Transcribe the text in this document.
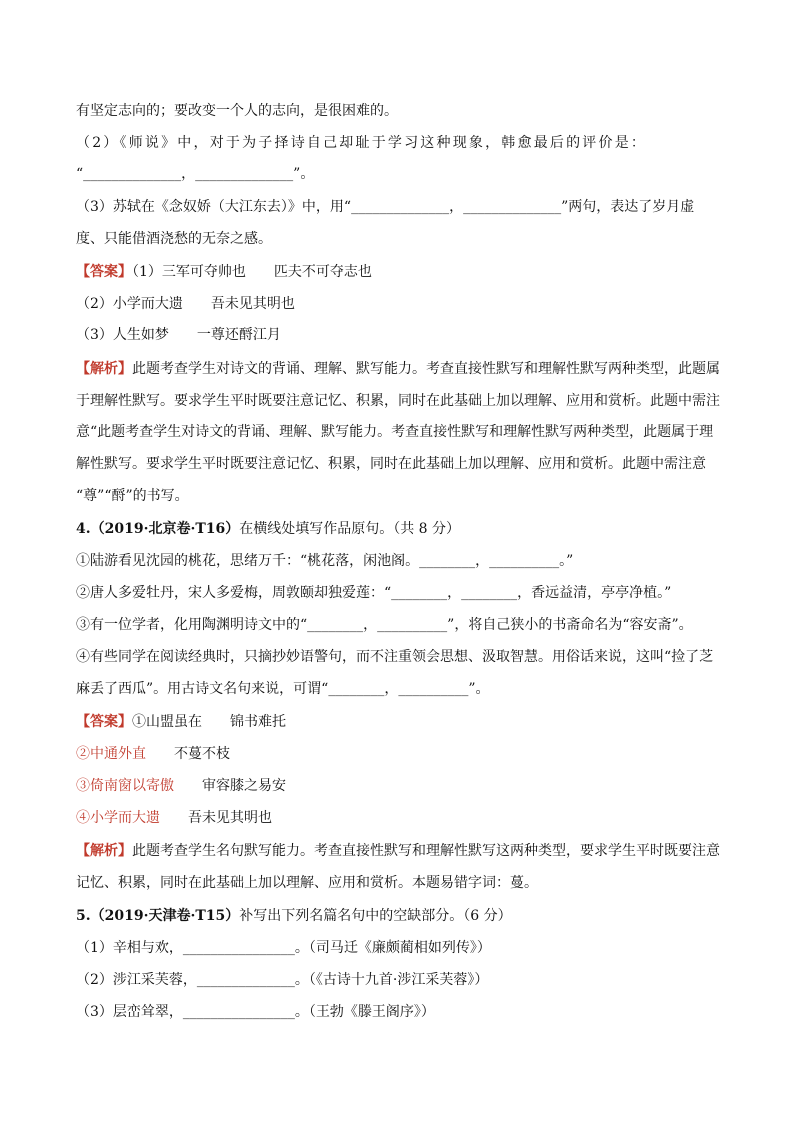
有坚定志向的；要改变一个人的志向，是很困难的。
（2）《师说》中，对于为子择诗自己却耻于学习这种现象，韩愈最后的评价是：
“______________，______________”。
（3）苏轼在《念奴娇（大江东去）》中，用“______________，______________”两句，表达了岁月虚
度、只能借酒浇愁的无奈之感。
【答案】（1）三军可夺帅也 匹夫不可夺志也
（2）小学而大遗 吾未见其明也
（3）人生如梦 一尊还酹江月
【解析】此题考查学生对诗文的背诵、理解、默写能力。考查直接性默写和理解性默写两种类型，此题属
于理解性默写。要求学生平时既要注意记忆、积累，同时在此基础上加以理解、应用和赏析。此题中需注
意“此题考查学生对诗文的背诵、理解、默写能力。考查直接性默写和理解性默写两种类型，此题属于理
解性默写。要求学生平时既要注意记忆、积累，同时在此基础上加以理解、应用和赏析。此题中需注意
“尊”“酹”的书写。
4.（2019·北京卷·T16）在横线处填写作品原句。（共 8 分）
①陆游看见沈园的桃花，思绪万千：“桃花落，闲池阁。________，__________。”
②唐人多爱牡丹，宋人多爱梅，周敦颐却独爱莲：“________，________，香远益清，亭亭净植。”
③有一位学者，化用陶渊明诗文中的“________，__________”，将自己狭小的书斋命名为“容安斋”。
④有些同学在阅读经典时，只摘抄妙语警句，而不注重领会思想、汲取智慧。用俗话来说，这叫“捡了芝
麻丢了西瓜”。用古诗文名句来说，可谓“________，__________”。
【答案】①山盟虽在 锦书难托
②中通外直 不蔓不枝
③倚南窗以寄傲 审容膝之易安
④小学而大遗 吾未见其明也
【解析】此题考查学生名句默写能力。考查直接性默写和理解性默写这两种类型，要求学生平时既要注意
记忆、积累，同时在此基础上加以理解、应用和赏析。本题易错字词：蔓。
5.（2019·天津卷·T15）补写出下列名篇名句中的空缺部分。（6 分）
（1）辛相与欢，________________。（司马迁《廉颇蔺相如列传》）
（2）涉江采芙蓉，______________。（《古诗十九首·涉江采芙蓉》）
（3）层峦耸翠，________________。（王勃《滕王阁序》）
